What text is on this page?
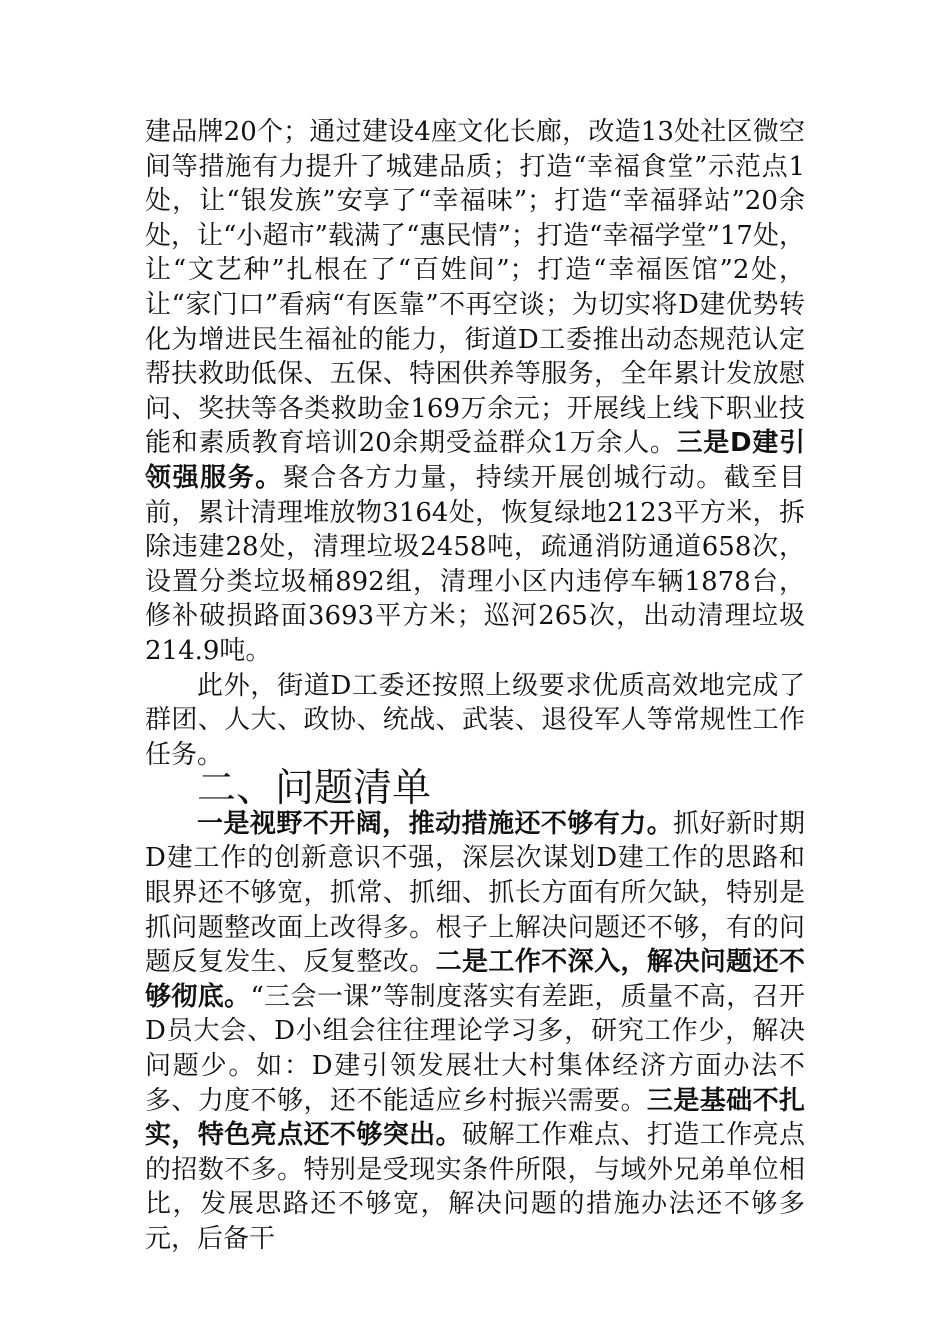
建品牌20个；通过建设4座文化长廊，改造13处社区微空间等措施有力提升了城建品质；打造“幸福食堂”示范点1处，让“银发族”安享了“幸福味”；打造“幸福驿站”20余处，让“小超市”载满了“惠民情”；打造“幸福学堂”17处，让“文艺种”扎根在了“百姓间”；打造“幸福医馆”2处，让“家门口”看病“有医靠”不再空谈；为切实将D建优势转化为增进民生福祉的能力，街道D工委推出动态规范认定帮扶救助低保、五保、特困供养等服务，全年累计发放慰问、奖扶等各类救助金169万余元；开展线上线下职业技能和素质教育培训20余期受益群众1万余人。三是D建引领强服务。聚合各方力量，持续开展创城行动。截至目前，累计清理堆放物3164处，恢复绿地2123平方米，拆除违建28处，清理垃圾2458吨，疏通消防通道658次，设置分类垃圾桶892组，清理小区内违停车辆1878台，修补破损路面3693平方米；巡河265次，出动清理垃圾214.9吨。

此外，街道D工委还按照上级要求优质高效地完成了群团、人大、政协、统战、武装、退役军人等常规性工作任务。

二、问题清单

一是视野不开阔，推动措施还不够有力。抓好新时期D建工作的创新意识不强，深层次谋划D建工作的思路和眼界还不够宽，抓常、抓细、抓长方面有所欠缺，特别是抓问题整改面上改得多。根子上解决问题还不够，有的问题反复发生、反复整改。二是工作不深入，解决问题还不够彻底。“三会一课”等制度落实有差距，质量不高，召开D员大会、D小组会往往理论学习多，研究工作少，解决问题少。如：D建引领发展壮大村集体经济方面办法不多、力度不够，还不能适应乡村振兴需要。三是基础不扎实，特色亮点还不够突出。破解工作难点、打造工作亮点的招数不多。特别是受现实条件所限，与域外兄弟单位相比，发展思路还不够宽，解决问题的措施办法还不够多元，后备干
